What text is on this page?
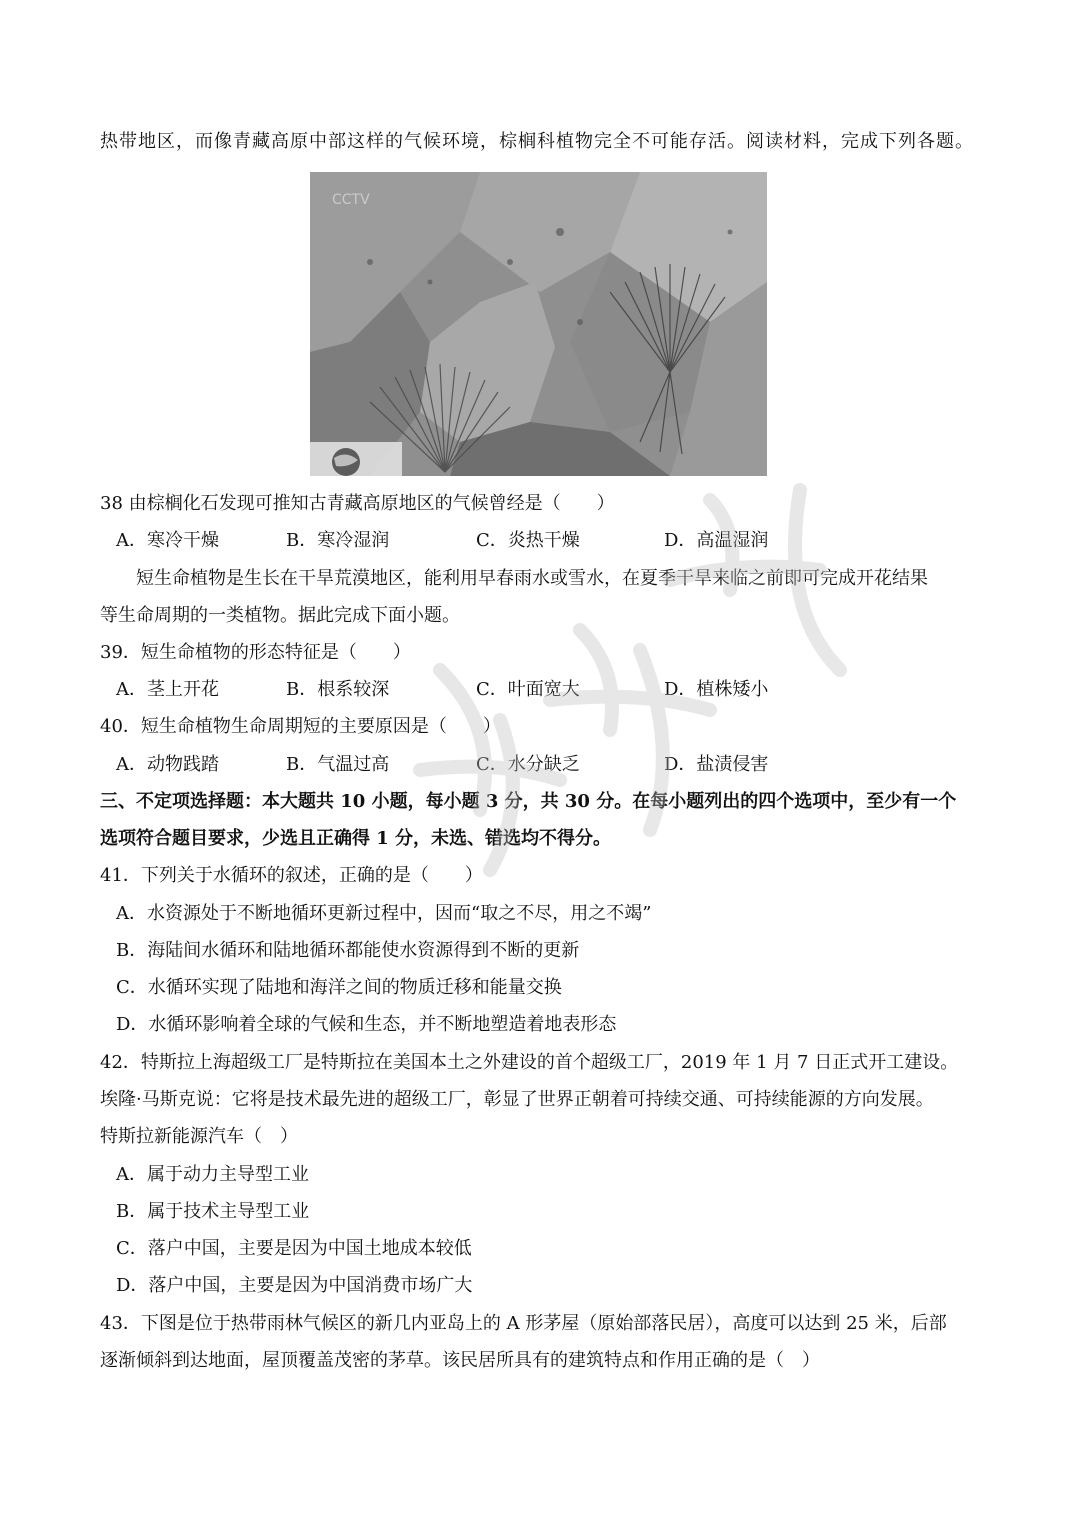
热带地区，而像青藏高原中部这样的气候环境，棕榈科植物完全不可能存活。阅读材料，完成下列各题。
CCTV
38 由棕榈化石发现可推知古青藏高原地区的气候曾经是（　　）
A．寒冷干燥	B．寒冷湿润	C．炎热干燥	D．高温湿润
短生命植物是生长在干旱荒漠地区，能利用早春雨水或雪水，在夏季干旱来临之前即可完成开花结果
等生命周期的一类植物。据此完成下面小题。
39．短生命植物的形态特征是（　　）
A．茎上开花	B．根系较深	C．叶面宽大	D．植株矮小
40．短生命植物生命周期短的主要原因是（　　）
A．动物践踏	B．气温过高	C．水分缺乏	D．盐渍侵害
三、不定项选择题：本大题共 10 小题，每小题 3 分，共 30 分。在每小题列出的四个选项中，至少有一个
选项符合题目要求，少选且正确得 1 分，未选、错选均不得分。
41．下列关于水循环的叙述，正确的是（　　）
A．水资源处于不断地循环更新过程中，因而“取之不尽，用之不竭”
B．海陆间水循环和陆地循环都能使水资源得到不断的更新
C．水循环实现了陆地和海洋之间的物质迁移和能量交换
D．水循环影响着全球的气候和生态，并不断地塑造着地表形态
42．特斯拉上海超级工厂是特斯拉在美国本土之外建设的首个超级工厂，2019 年 1 月 7 日正式开工建设。
埃隆·马斯克说：它将是技术最先进的超级工厂，彰显了世界正朝着可持续交通、可持续能源的方向发展。
特斯拉新能源汽车（　）
A．属于动力主导型工业
B．属于技术主导型工业
C．落户中国，主要是因为中国土地成本较低
D．落户中国，主要是因为中国消费市场广大
43．下图是位于热带雨林气候区的新几内亚岛上的 A 形茅屋（原始部落民居），高度可以达到 25 米，后部
逐渐倾斜到达地面，屋顶覆盖茂密的茅草。该民居所具有的建筑特点和作用正确的是（　）
